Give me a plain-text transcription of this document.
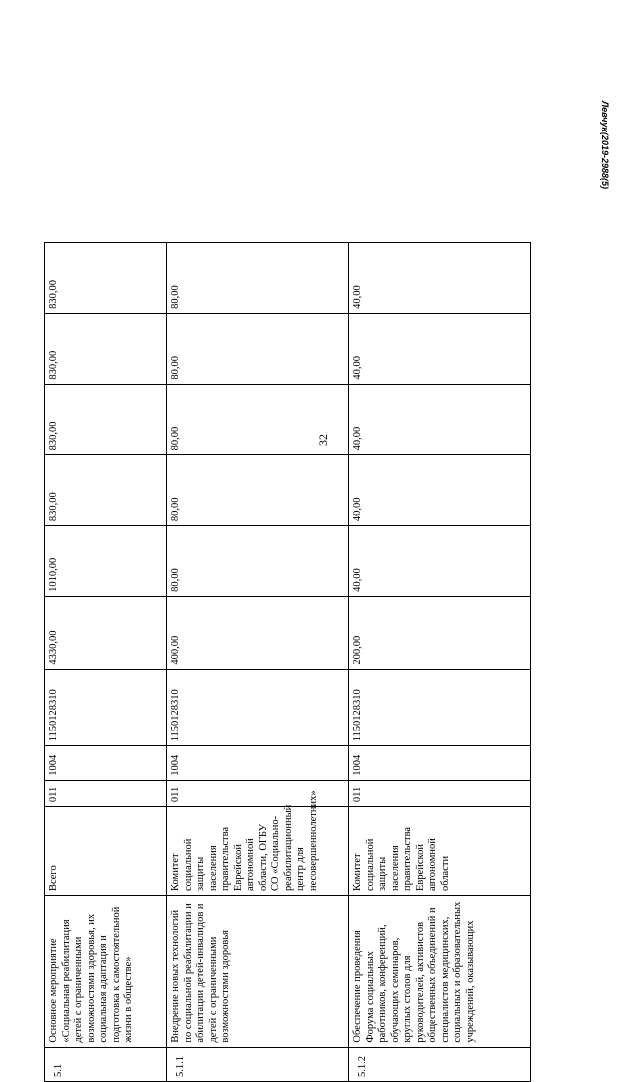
32
Левчук(2019-2988(5)
5.1	Основное мероприятие «Социальная реабилитация детей с ограниченными возможностями здоровья, их социальная адаптация и подготовка к самостоятельной жизни в обществе»	Всего	011	1004	1150128310	4330,00	1010,00	830,00	830,00	830,00	830,00
5.1.1	Внедрение новых технологий по социальной реабилитации и абилитации детей-инвалидов и детей с ограниченными возможностями здоровья	Комитет социальной защиты населения правительства Еврейской автономной области, ОГБУ СО «Социально-реабилитационный центр для несовершеннолетних»	011	1004	1150128310	400,00	80,00	80,00	80,00	80,00	80,00
5.1.2	Обеспечение проведения Форума социальных работников, конференций, обучающих семинаров, круглых столов для руководителей, активистов общественных объединений и специалистов медицинских, социальных и образовательных учреждений, оказывающих	Комитет социальной защиты населения правительства Еврейской автономной области	011	1004	1150128310	200,00	40,00	40,00	40,00	40,00	40,00
